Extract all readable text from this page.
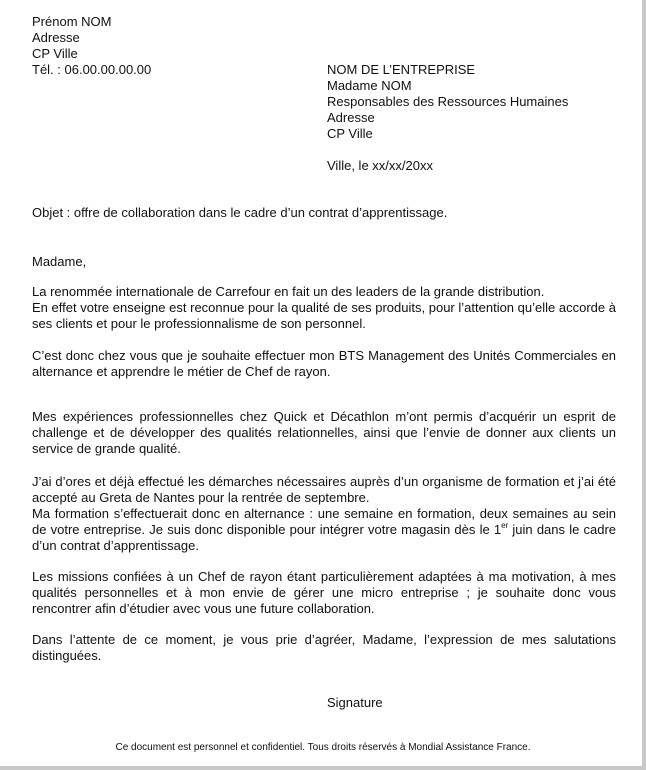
Prénom NOM
Adresse
CP Ville
Tél. : 06.00.00.00.00	NOM DE L’ENTREPRISE
Madame NOM
Responsables des Ressources Humaines
Adresse
CP Ville
Ville, le xx/xx/20xx
Objet : offre de collaboration dans le cadre d’un contrat d’apprentissage.
Madame,

La renommée internationale de Carrefour en fait un des leaders de la grande distribution.

En effet votre enseigne est reconnue pour la qualité de ses produits, pour l’attention qu’elle accorde à ses clients et pour le professionnalisme de son personnel.

C’est donc chez vous que je souhaite effectuer mon BTS Management des Unités Commerciales en alternance et apprendre le métier de Chef de rayon.

Mes expériences professionnelles chez Quick et Décathlon m’ont permis d’acquérir un esprit de challenge et de développer des qualités relationnelles, ainsi que l’envie de donner aux clients un service de grande qualité.

J’ai d’ores et déjà effectué les démarches nécessaires auprès d’un organisme de formation et j’ai été accepté au Greta de Nantes pour la rentrée de septembre.

Ma formation s’effectuerait donc en alternance : une semaine en formation, deux semaines au sein de votre entreprise. Je suis donc disponible pour intégrer votre magasin dès le 1er juin dans le cadre d’un contrat d’apprentissage.

Les missions confiées à un Chef de rayon étant particulièrement adaptées à ma motivation, à mes qualités personnelles et à mon envie de gérer une micro entreprise ; je souhaite donc vous rencontrer afin d’étudier avec vous une future collaboration.

Dans l’attente de ce moment, je vous prie d’agréer, Madame, l’expression de mes salutations distinguées.

Signature
Ce document est personnel et confidentiel. Tous droits réservés à Mondial Assistance France.
